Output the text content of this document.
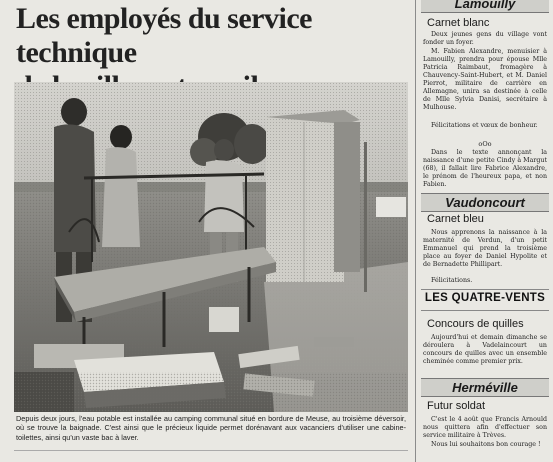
Les employés du service technique

Depuis deux jours, l'eau potable est installée au camping communal situé en bordure de Meuse, au troisième déversoir, où se trouve la baignade. C'est ainsi que le précieux liquide permet dorénavant aux vacanciers d'utiliser une cabine-toilettes, ainsi qu'un vaste bac à laver.

Lamouilly
Carnet blanc

Deux jeunes gens du village vont fonder un foyer.

M. Fabien Alexandre, menuisier à Lamouilly, prendra pour épouse Mlle Patricia Raimbaut, fromagère à Chauvency-Saint-Hubert, et M. Daniel Pierrot, militaire de carrière en Allemagne, unira sa destinée à celle de Mlle Sylvia Danisi, secrétaire à Mulhouse.

Félicitations et vœux de bonheur.

oOo

Dans le texte annonçant la naissance d'une petite Cindy à Margut (68), il fallait lire Fabrice Alexandre, le prénom de l'heureux papa, et non Fabien.

Vaudoncourt
Carnet bleu

Nous apprenons la naissance à la maternité de Verdun, d'un petit Emmanuel qui prend la troisième place au foyer de Daniel Hypolite et de Bernadette Phillipart.

Félicitations.

LES QUATRE-VENTS
Concours de quilles

Aujourd'hui et demain dimanche se déroulera à Vadelaincourt un concours de quilles avec un ensemble cheminée comme premier prix.

Herméville
Futur soldat

C'est le 4 août que Francis Arnould nous quittera afin d'effectuer son service militaire à Trèves.

Nous lui souhaitons bon courage !
